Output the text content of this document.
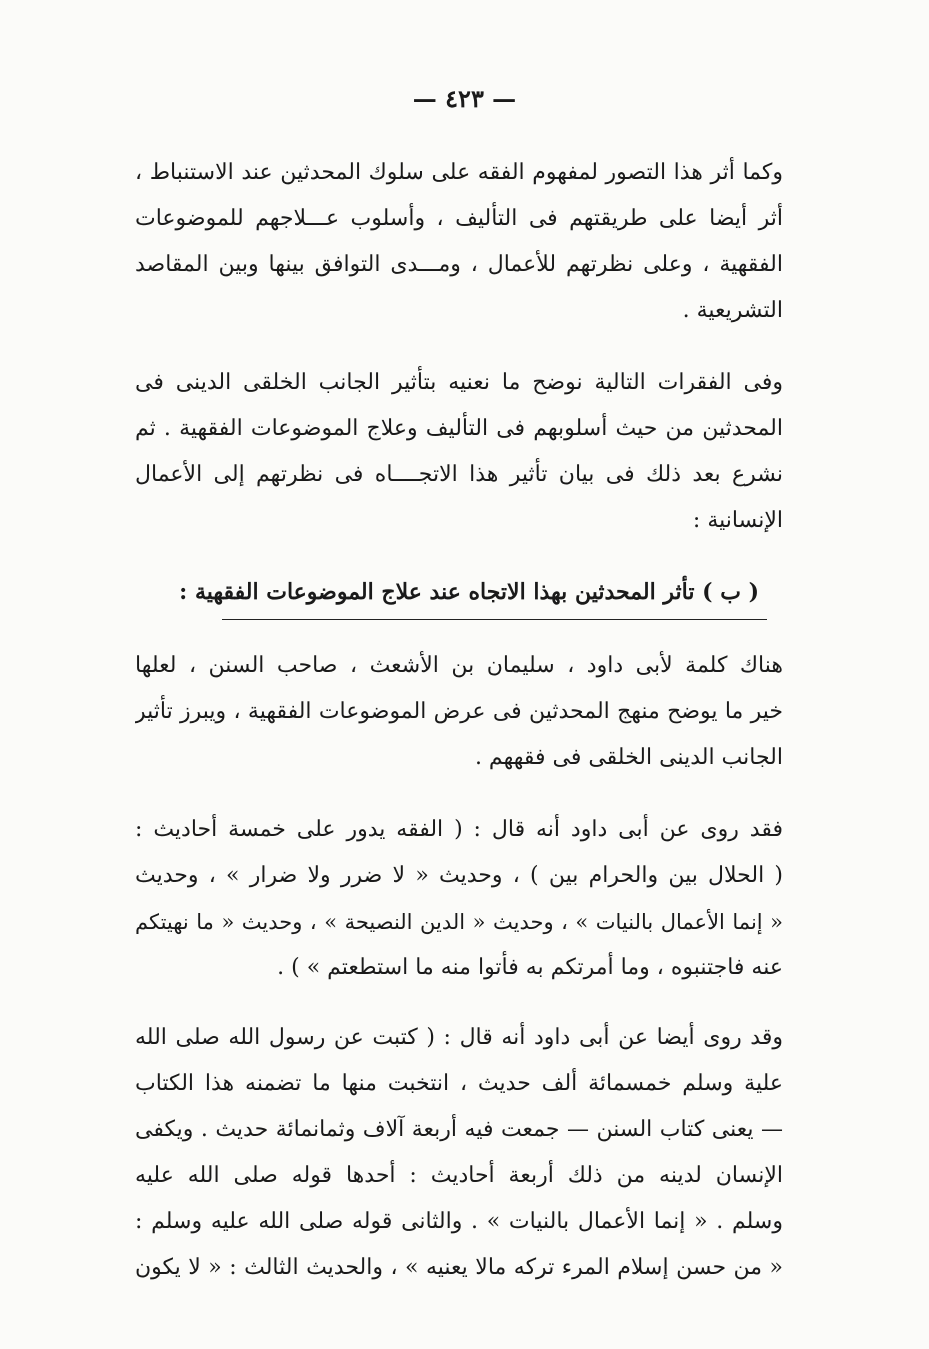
— ٤٢٣ —
وكما أثر هذا التصور لمفهوم الفقه على سلوك المحدثين عند الاستنباط ،
أثر أيضا على طريقتهم فى التأليف ، وأسلوب عـــلاجهم للموضوعات
الفقهية ، وعلى نظرتهم للأعمال ، ومـــدى التوافق بينها وبين المقاصد
التشريعية .
وفى الفقرات التالية نوضح ما نعنيه بتأثير الجانب الخلقى الدينى فى
المحدثين من حيث أسلوبهم فى التأليف وعلاج الموضوعات الفقهية . ثم
نشرع بعد ذلك فى بيان تأثير هذا الاتجــــاه فى نظرتهم إلى الأعمال
الإنسانية :
( ب ) تأثر المحدثين بهذا الاتجاه عند علاج الموضوعات الفقهية :
هناك كلمة لأبى داود ، سليمان بن الأشعث ، صاحب السنن ، لعلها
خير ما يوضح منهج المحدثين فى عرض الموضوعات الفقهية ، ويبرز تأثير
الجانب الدينى الخلقى فى فقههم .
فقد روى عن أبى داود أنه قال : ( الفقه يدور على خمسة أحاديث :
( الحلال بين والحرام بين ) ، وحديث « لا ضرر ولا ضرار » ، وحديث
« إنما الأعمال بالنيات » ، وحديث « الدين النصيحة » ، وحديث « ما نهيتكم
عنه فاجتنبوه ، وما أمرتكم به فأتوا منه ما استطعتم » ) .
وقد روى أيضا عن أبى داود أنه قال : ( كتبت عن رسول الله صلى الله
علية وسلم خمسمائة ألف حديث ، انتخبت منها ما تضمنه هذا الكتاب
— يعنى كتاب السنن — جمعت فيه أربعة آلاف وثمانمائة حديث . ويكفى
الإنسان لدينه من ذلك أربعة أحاديث : أحدها قوله صلى الله عليه
وسلم . « إنما الأعمال بالنيات » . والثانى قوله صلى الله عليه وسلم :
« من حسن إسلام المرء تركه مالا يعنيه » ، والحديث الثالث : « لا يكون
